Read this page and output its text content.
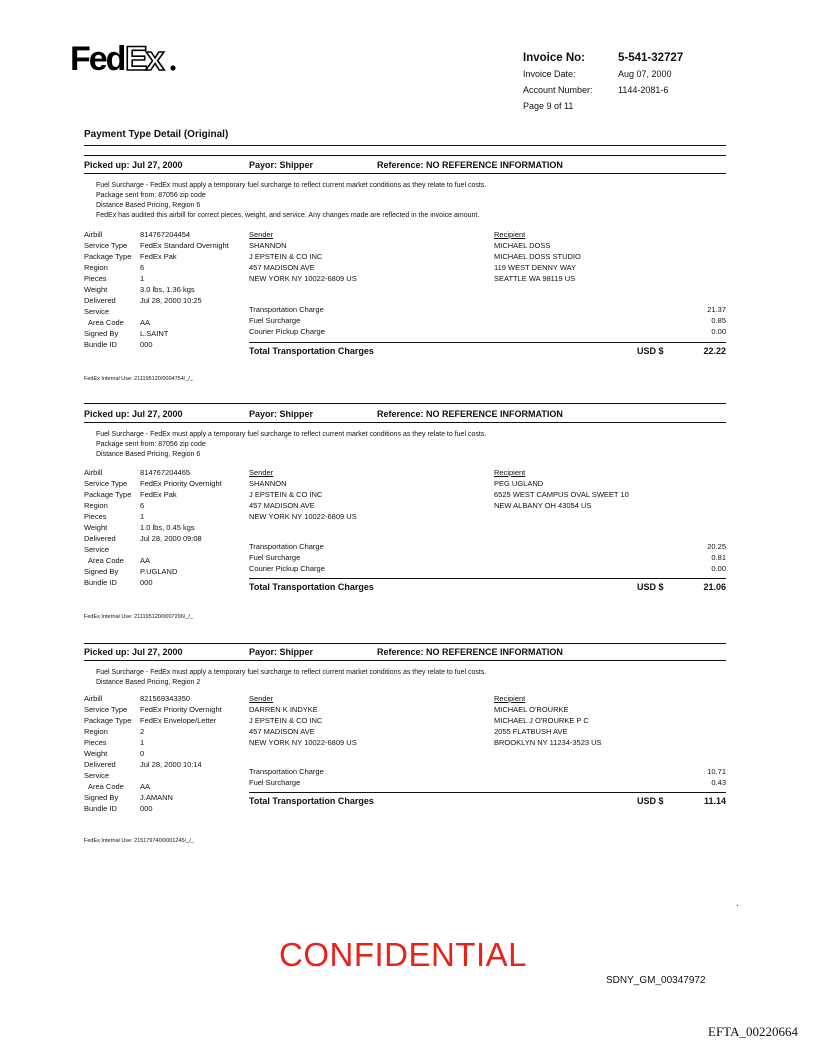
Fed Ex	Invoice No:	5-541-32727
Invoice Date:	Aug 07, 2000
Account Number:	1144-2081-6
Page 9 of 11
Payment Type Detail (Original)
Picked up: Jul 27, 2000	Payor: Shipper	Reference: NO REFERENCE INFORMATION
Fuel Surcharge - FedEx must apply a temporary fuel surcharge to reflect current market conditions as they relate to fuel costs.
Package sent from: 87056 zip code
Distance Based Pricing, Region 6
FedEx has audited this airbill for correct pieces, weight, and service. Any changes made are reflected in the invoice amount.
Airbill	814767204454
Service Type	FedEx Standard Overnight
Package Type	FedEx Pak
Region	6
Pieces	1
Weight	3.0 lbs, 1.36 kgs
Delivered	Jul 28, 2000 10:25
Service
Area Code	AA
Signed By	L.SAINT
Bundle ID	000
Sender
SHANNON
J EPSTEIN & CO INC
457 MADISON AVE
NEW YORK NY 10022-6809 US
Recipient
MICHAEL DOSS
MICHAEL DOSS STUDIO
119 WEST DENNY WAY
SEATTLE WA 98119 US
Transportation Charge	21.37
Fuel Surcharge	0.85
Courier Pickup Charge	0.00
Total Transportation Charges	USD $	22.22
FedEx Internal Use: 211195120/0004754/_/_
Picked up: Jul 27, 2000	Payor: Shipper	Reference: NO REFERENCE INFORMATION
Fuel Surcharge - FedEx must apply a temporary fuel surcharge to reflect current market conditions as they relate to fuel costs.
Package sent from: 87056 zip code
Distance Based Pricing, Region 6
Airbill	814767204465
Service Type	FedEx Priority Overnight
Package Type	FedEx Pak
Region	6
Pieces	1
Weight	1.0 lbs, 0.45 kgs
Delivered	Jul 28, 2000 09:08
Service
Area Code	AA
Signed By	P.UGLAND
Bundle ID	000
Sender
SHANNON
J EPSTEIN & CO INC
457 MADISON AVE
NEW YORK NY 10022-6809 US
Recipient
PEG UGLAND
6525 WEST CAMPUS OVAL SWEET 10
NEW ALBANY OH 43054 US
Transportation Charge	20.25
Fuel Surcharge	0.81
Courier Pickup Charge	0.00
Total Transportation Charges	USD $	21.06
FedEx Internal Use: 211195120/0007296/_/_
Picked up: Jul 27, 2000	Payor: Shipper	Reference: NO REFERENCE INFORMATION
Fuel Surcharge - FedEx must apply a temporary fuel surcharge to reflect current market conditions as they relate to fuel costs.
Distance Based Pricing, Region 2
Airbill	821569343350
Service Type	FedEx Priority Overnight
Package Type	FedEx Envelope/Letter
Region	2
Pieces	1
Weight	0
Delivered	Jul 28, 2000 10:14
Service
Area Code	AA
Signed By	J.AMANN
Bundle ID	000
Sender
DARREN K INDYKE
J EPSTEIN & CO INC
457 MADISON AVE
NEW YORK NY 10022-6809 US
Recipient
MICHAEL O'ROURKE
MICHAEL J O'ROURKE P C
2055 FLATBUSH AVE
BROOKLYN NY 11234-3523 US
Transportation Charge	10.71
Fuel Surcharge	0.43
Total Transportation Charges	USD $	11.14
FedEx Internal Use: 215179740/0001245/_/_
.
CONFIDENTIAL
SDNY_GM_00347972
EFTA_00220664
